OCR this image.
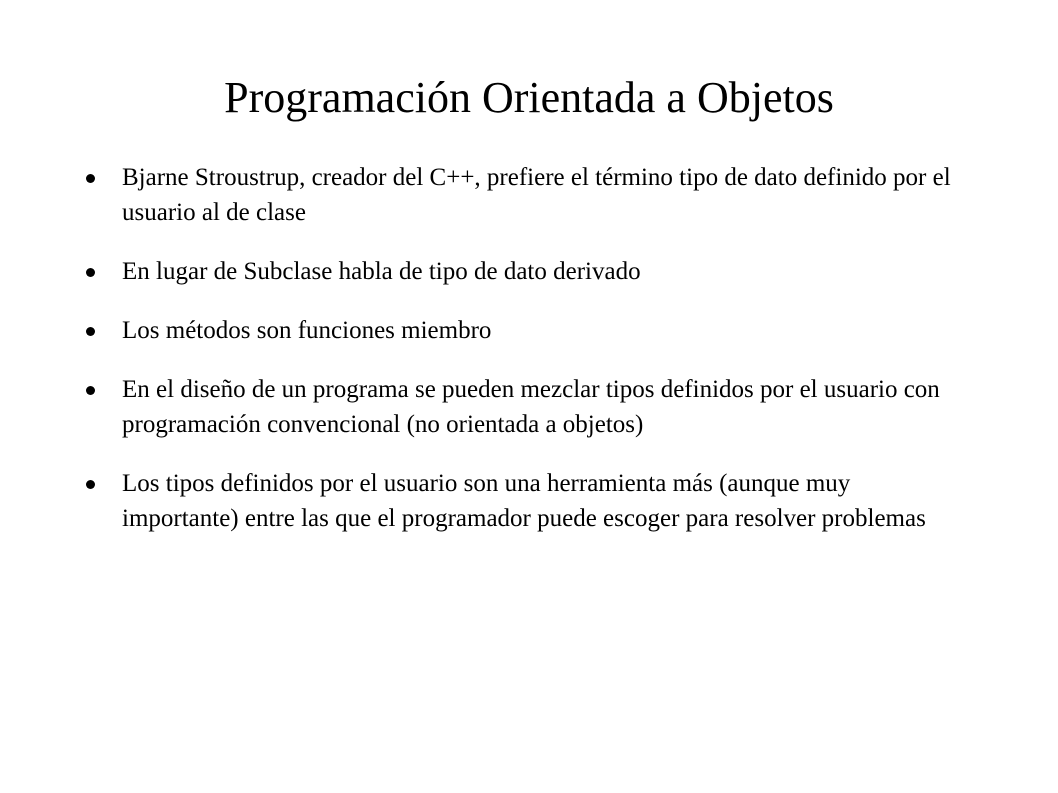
Programación Orientada a Objetos
Bjarne Stroustrup, creador del C++, prefiere el término tipo de dato definido por el usuario al de clase
En lugar de Subclase habla de tipo de dato derivado
Los métodos son funciones miembro
En el diseño de un programa se pueden mezclar tipos definidos por el usuario con programación convencional (no orientada a objetos)
Los tipos definidos por el usuario son una herramienta más (aunque muy importante) entre las que el programador puede escoger para resolver problemas
